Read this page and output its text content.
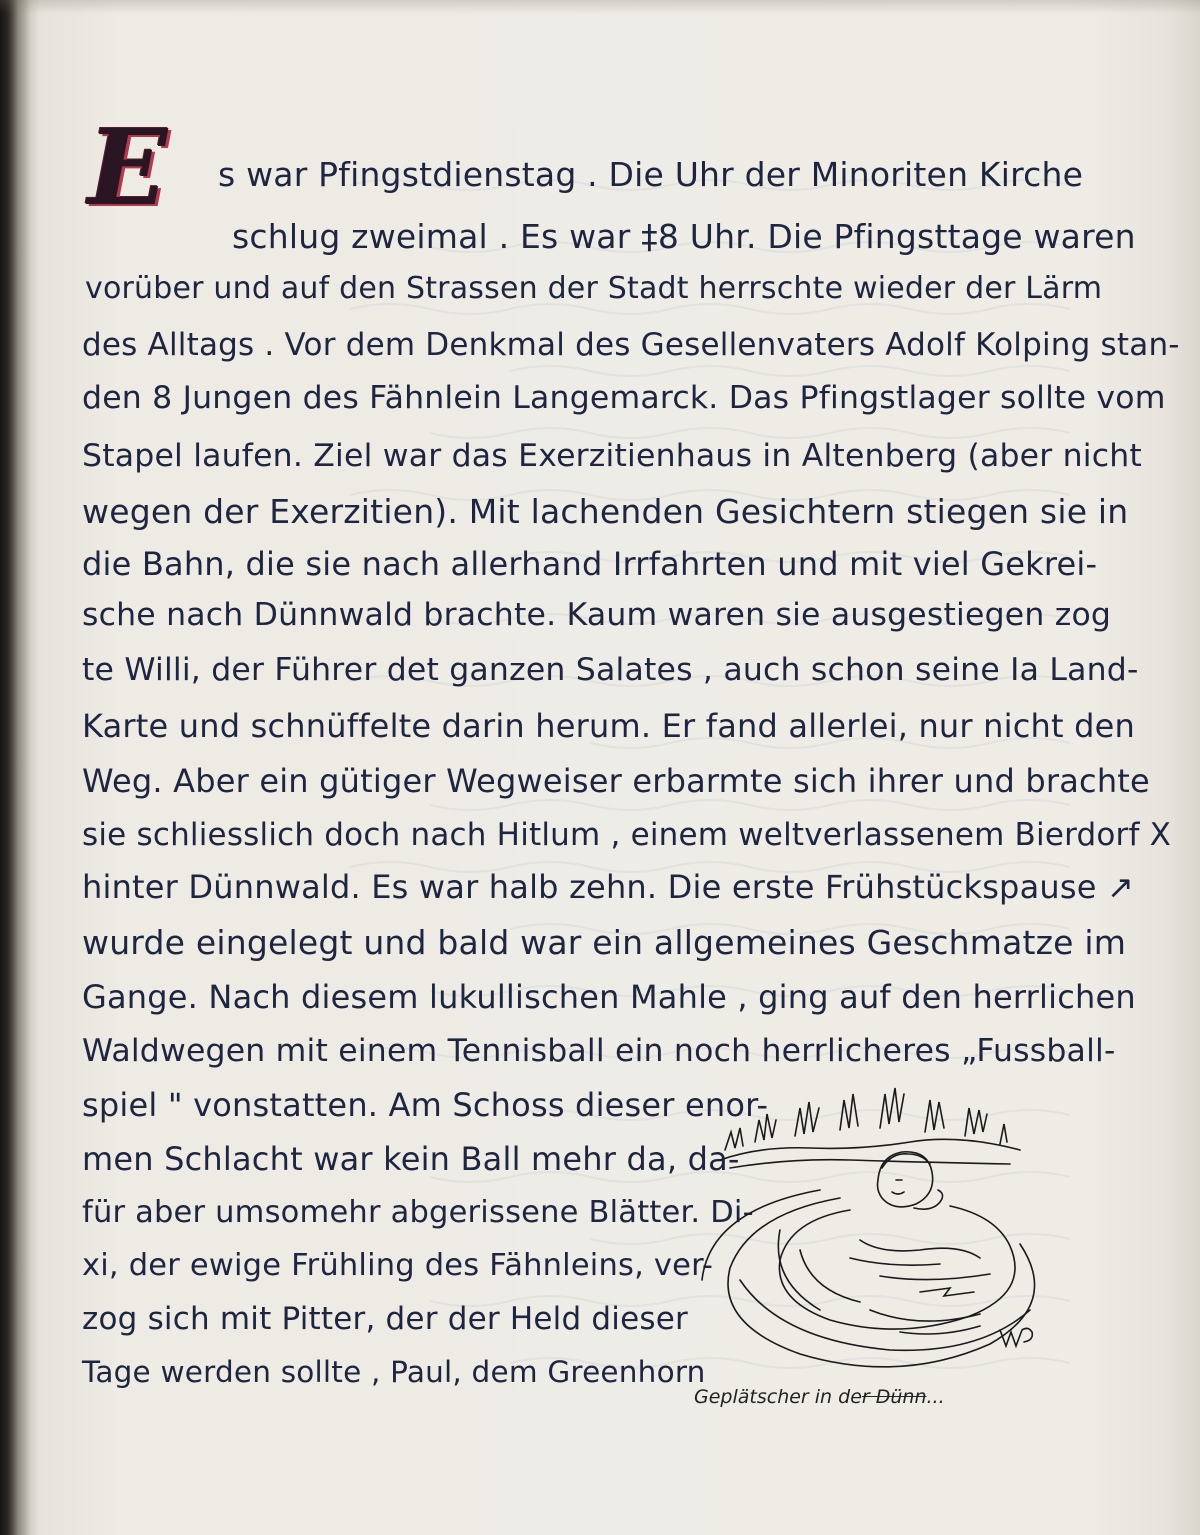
E	s war Pfingstdienstag . Die Uhr der Minoriten Kirche
schlug zweimal . Es war ‡8 Uhr. Die Pfingsttage waren
vorüber und auf den Strassen der Stadt herrschte wieder der Lärm
des Alltags . Vor dem Denkmal des Gesellenvaters Adolf Kolping stan-
den 8 Jungen des Fähnlein Langemarck. Das Pfingstlager sollte vom
Stapel laufen. Ziel war das Exerzitienhaus in Altenberg (aber nicht
wegen der Exerzitien). Mit lachenden Gesichtern stiegen sie in
die Bahn, die sie nach allerhand Irrfahrten und mit viel Gekrei-
sche nach Dünnwald brachte. Kaum waren sie ausgestiegen zog
te Willi, der Führer det ganzen Salates , auch schon seine Ia Land-
Karte und schnüffelte darin herum. Er fand allerlei, nur nicht den
Weg. Aber ein gütiger Wegweiser erbarmte sich ihrer und brachte
sie schliesslich doch nach Hitlum , einem weltverlassenem Bierdorf X
hinter Dünnwald. Es war halb zehn. Die erste Frühstückspause ↗
wurde eingelegt und bald war ein allgemeines Geschmatze im
Gange. Nach diesem lukullischen Mahle , ging auf den herrlichen
Waldwegen mit einem Tennisball ein noch herrlicheres „Fussball-
spiel " vonstatten. Am Schoss dieser enor-
men Schlacht war kein Ball mehr da, da-
für aber umsomehr abgerissene Blätter. Di-
xi, der ewige Frühling des Fähnleins, ver-
zog sich mit Pitter, der der Held dieser
Tage werden sollte , Paul, dem Greenhorn
Geplätscher in der Dünn...
